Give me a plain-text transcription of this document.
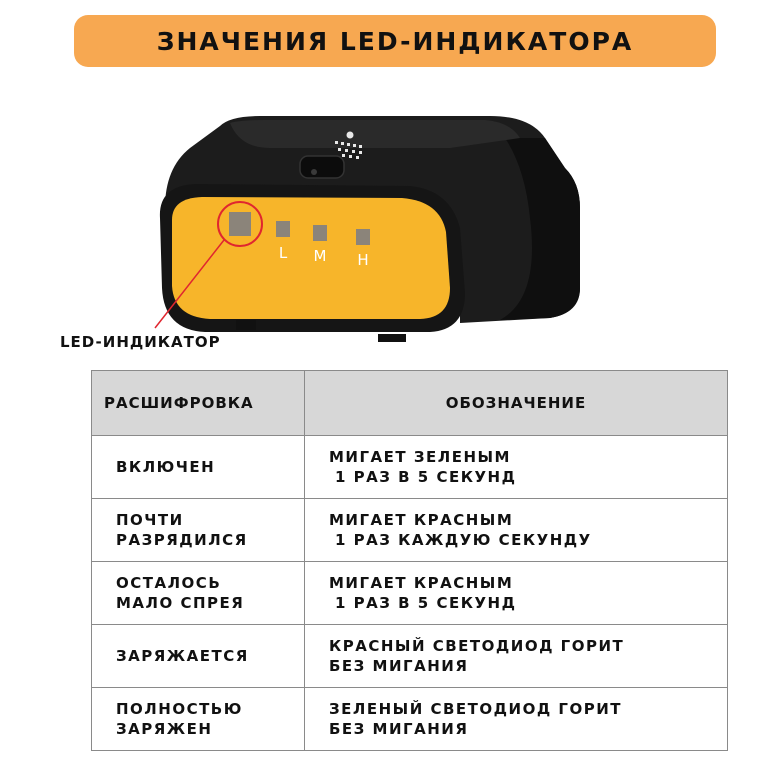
ЗНАЧЕНИЯ LED-ИНДИКАТОРА
L M H
LED-ИНДИКАТОР
РАСШИФРОВКА	ОБОЗНАЧЕНИЕ

ВКЛЮЧЕН	МИГАЕТ ЗЕЛЕНЫМ
1 РАЗ В 5 СЕКУНД

ПОЧТИ
РАЗРЯДИЛСЯ	МИГАЕТ КРАСНЫМ
1 РАЗ КАЖДУЮ СЕКУНДУ

ОСТАЛОСЬ
МАЛО СПРЕЯ	МИГАЕТ КРАСНЫМ
1 РАЗ В 5 СЕКУНД

ЗАРЯЖАЕТСЯ	КРАСНЫЙ СВЕТОДИОД ГОРИТ
БЕЗ МИГАНИЯ

ПОЛНОСТЬЮ
ЗАРЯЖЕН	ЗЕЛЕНЫЙ СВЕТОДИОД ГОРИТ
БЕЗ МИГАНИЯ
